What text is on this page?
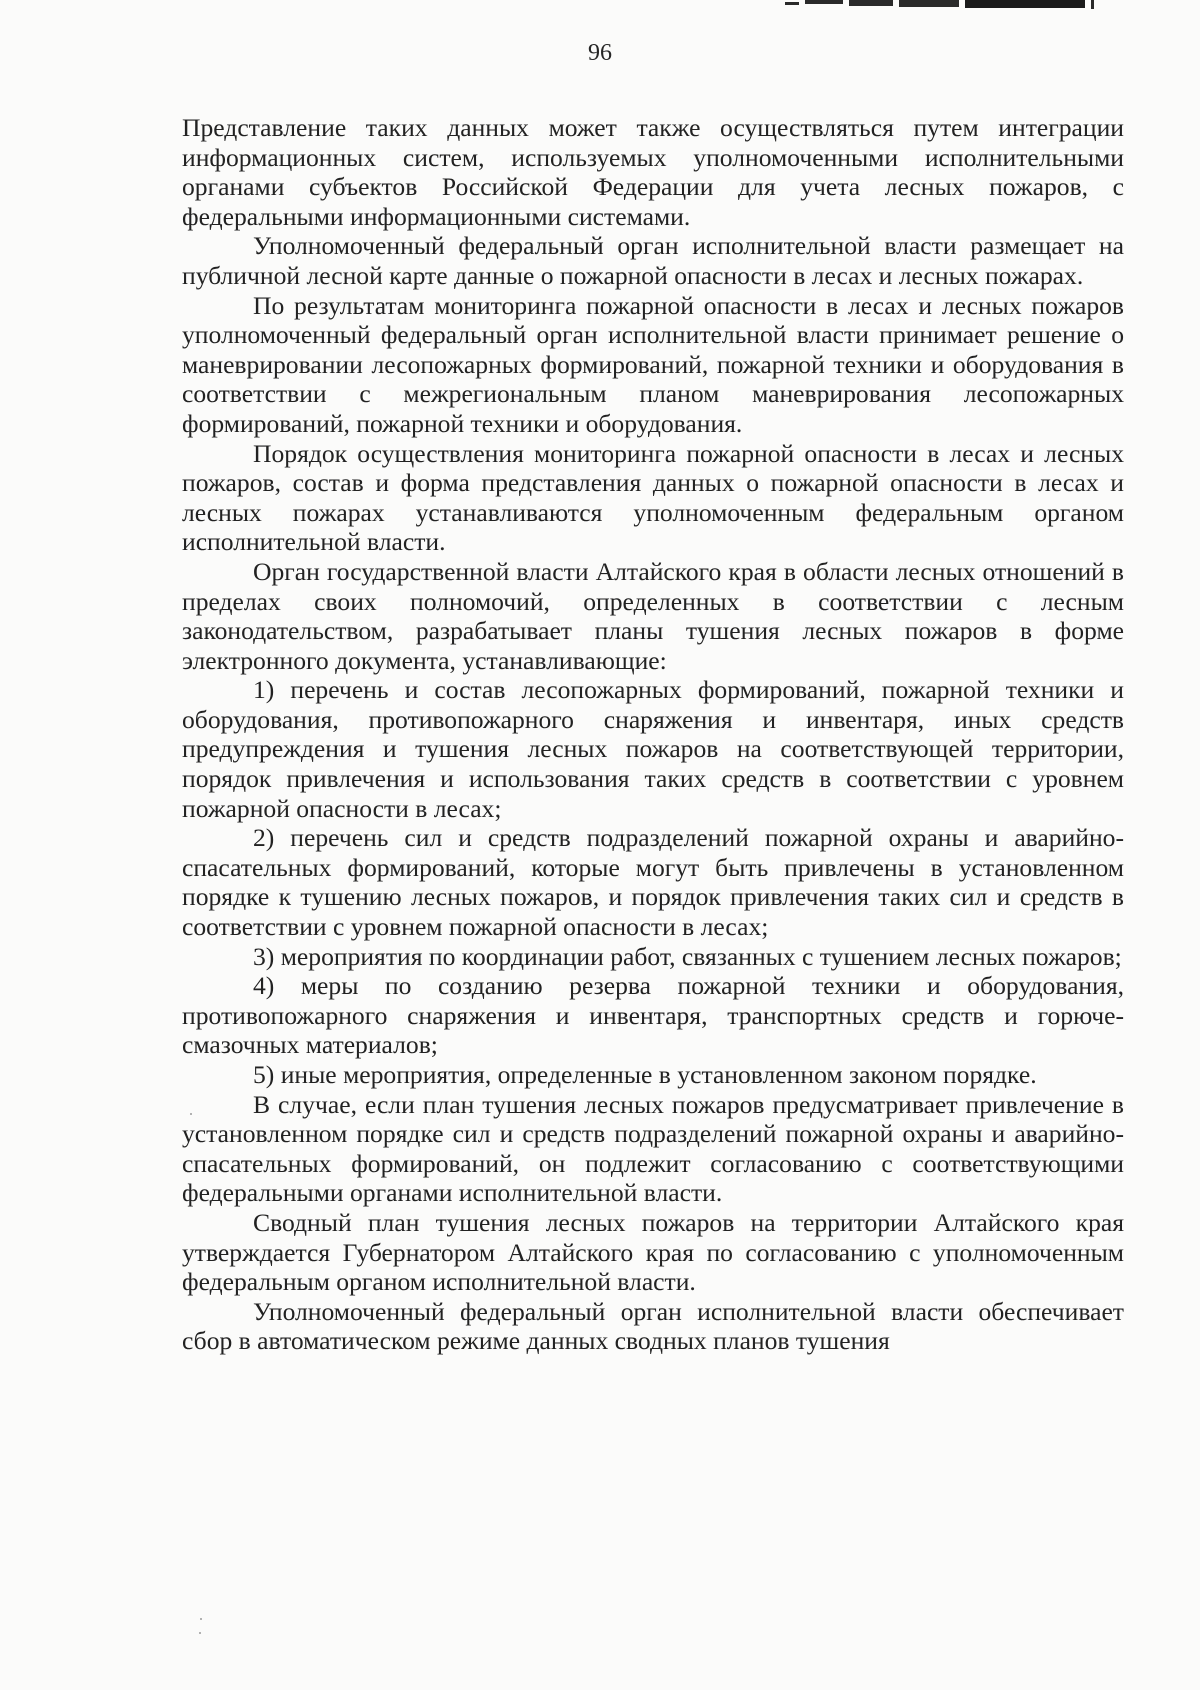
96

Представление таких данных может также осуществляться путем интеграции информационных систем, используемых уполномоченными исполнительными органами субъектов Российской Федерации для учета лесных пожаров, с федеральными информационными системами.

Уполномоченный федеральный орган исполнительной власти размещает на публичной лесной карте данные о пожарной опасности в лесах и лесных пожарах.

По результатам мониторинга пожарной опасности в лесах и лесных пожаров уполномоченный федеральный орган исполнительной власти принимает решение о маневрировании лесопожарных формирований, пожарной техники и оборудования в соответствии с межрегиональным планом маневрирования лесопожарных формирований, пожарной техники и оборудования.

Порядок осуществления мониторинга пожарной опасности в лесах и лесных пожаров, состав и форма представления данных о пожарной опасности в лесах и лесных пожарах устанавливаются уполномоченным федеральным органом исполнительной власти.

Орган государственной власти Алтайского края в области лесных отношений в пределах своих полномочий, определенных в соответствии с лесным законодательством, разрабатывает планы тушения лесных пожаров в форме электронного документа, устанавливающие:

1) перечень и состав лесопожарных формирований, пожарной техники и оборудования, противопожарного снаряжения и инвентаря, иных средств предупреждения и тушения лесных пожаров на соответствующей территории, порядок привлечения и использования таких средств в соответствии с уровнем пожарной опасности в лесах;

2) перечень сил и средств подразделений пожарной охраны и аварийно-спасательных формирований, которые могут быть привлечены в установленном порядке к тушению лесных пожаров, и порядок привлечения таких сил и средств в соответствии с уровнем пожарной опасности в лесах;

3) мероприятия по координации работ, связанных с тушением лесных пожаров;

4) меры по созданию резерва пожарной техники и оборудования, противопожарного снаряжения и инвентаря, транспортных средств и горюче-смазочных материалов;

5) иные мероприятия, определенные в установленном законом порядке.

В случае, если план тушения лесных пожаров предусматривает привлечение в установленном порядке сил и средств подразделений пожарной охраны и аварийно-спасательных формирований, он подлежит согласованию с соответствующими федеральными органами исполнительной власти.

Сводный план тушения лесных пожаров на территории Алтайского края утверждается Губернатором Алтайского края по согласованию с уполномоченным федеральным органом исполнительной власти.

Уполномоченный федеральный орган исполнительной власти обеспечивает сбор в автоматическом режиме данных сводных планов тушения
